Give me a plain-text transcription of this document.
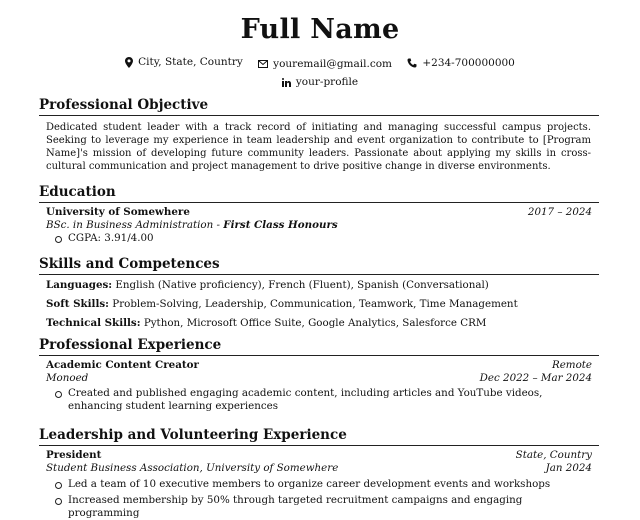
Full Name
City, State, Country
	youremail@gmail.com
	+234-700000000
your-profile
Professional Objective
Dedicated student leader with a track record of initiating and managing successful campus projects. Seeking to leverage my experience in team leadership and event organization to contribute to [Program Name]'s mission of developing future community leaders. Passionate about applying my skills in cross-cultural communication and project management to drive positive change in diverse environments.
Education
University of Somewhere	2017 – 2024
BSc. in Business Administration - First Class Honours
CGPA: 3.91/4.00
Skills and Competences
Languages: English (Native proficiency), French (Fluent), Spanish (Conversational)
Soft Skills: Problem-Solving, Leadership, Communication, Teamwork, Time Management
Technical Skills: Python, Microsoft Office Suite, Google Analytics, Salesforce CRM
Professional Experience
Academic Content Creator	Remote
Monoed	Dec 2022 – Mar 2024
Created and published engaging academic content, including articles and YouTube videos, enhancing student learning experiences
Leadership and Volunteering Experience
President	State, Country
Student Business Association, University of Somewhere	Jan 2024
Led a team of 10 executive members to organize career development events and workshops
Increased membership by 50% through targeted recruitment campaigns and engaging programming
